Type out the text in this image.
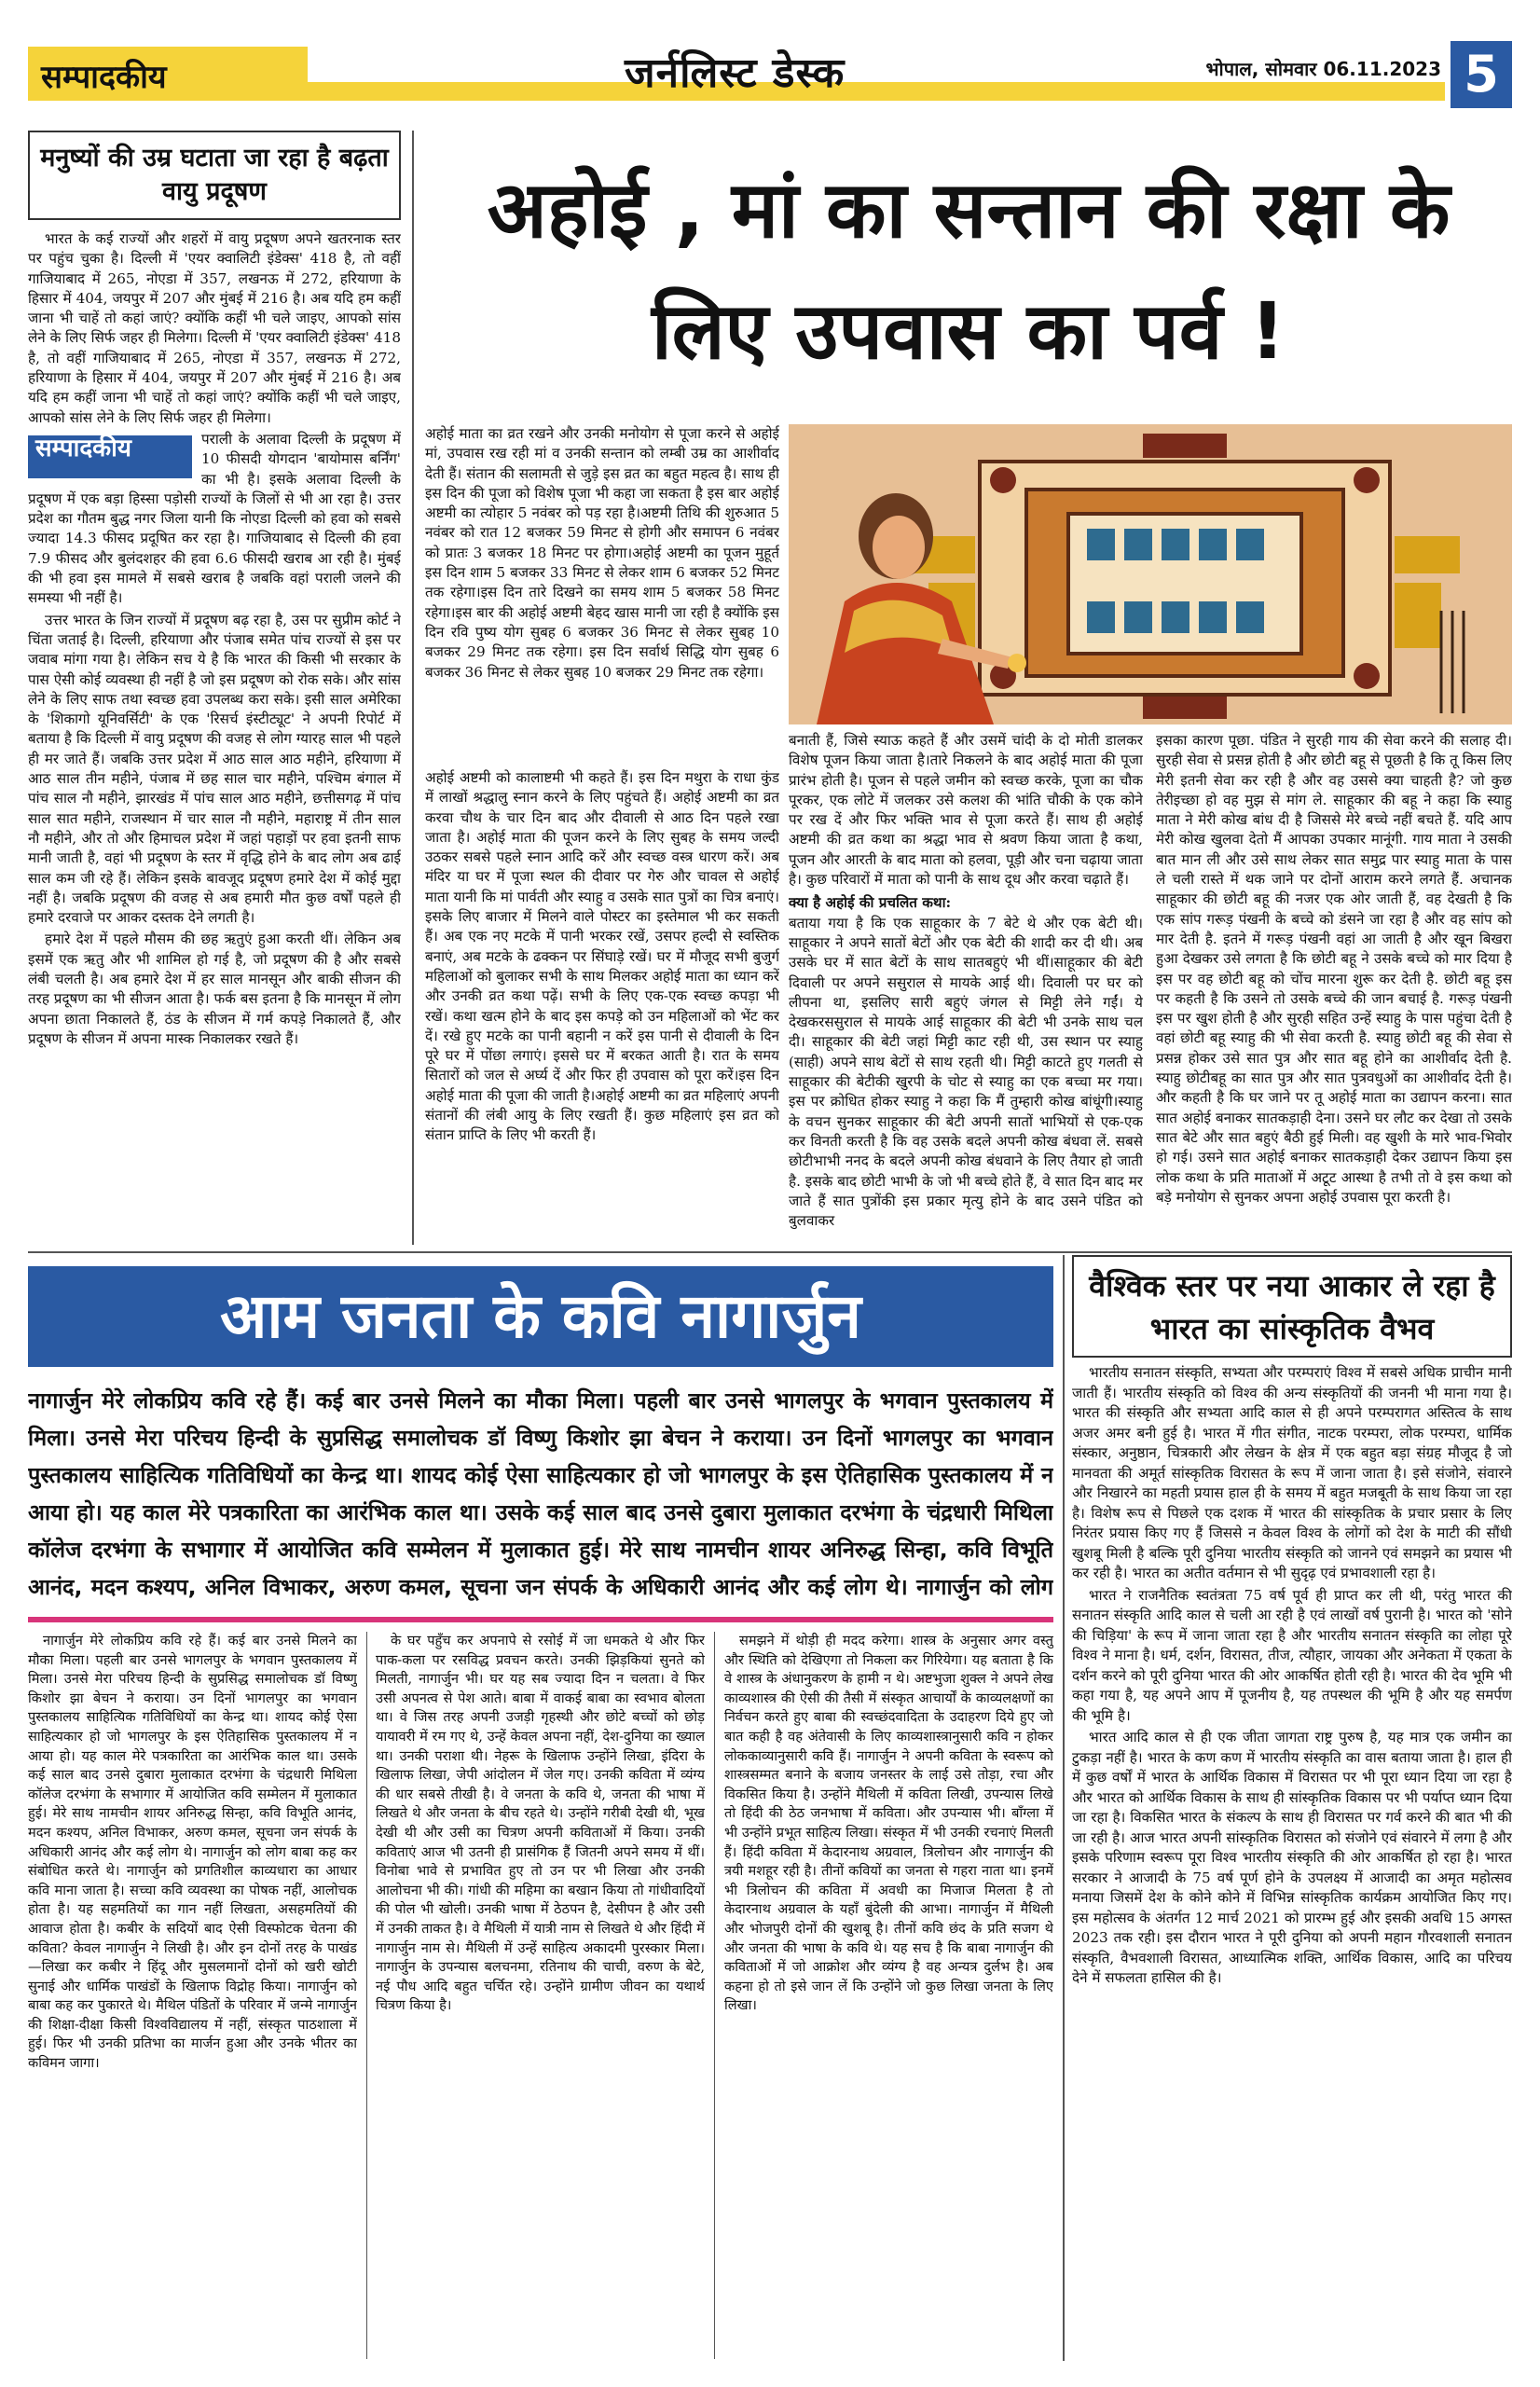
सम्पादकीय	जर्नलिस्ट डेस्क	भोपाल, सोमवार 06.11.2023 5
मनुष्यों की उम्र घटाता जा रहा है बढ़ता वायु प्रदूषण

भारत के कई राज्यों और शहरों में वायु प्रदूषण अपने खतरनाक स्तर पर पहुंच चुका है। दिल्ली में 'एयर क्वालिटी इंडेक्स' 418 है, तो वहीं गाजियाबाद में 265, नोएडा में 357, लखनऊ में 272, हरियाणा के हिसार में 404, जयपुर में 207 और मुंबई में 216 है। अब यदि हम कहीं जाना भी चाहें तो कहां जाएं? क्योंकि कहीं भी चले जाइए, आपको सांस लेने के लिए सिर्फ जहर ही मिलेगा। दिल्ली में 'एयर क्वालिटी इंडेक्स' 418 है, तो वहीं गाजियाबाद में 265, नोएडा में 357, लखनऊ में 272, हरियाणा के हिसार में 404, जयपुर में 207 और मुंबई में 216 है। अब यदि हम कहीं जाना भी चाहें तो कहां जाएं? क्योंकि कहीं भी चले जाइए, आपको सांस लेने के लिए सिर्फ जहर ही मिलेगा।

सम्पादकीय	पराली के अलावा दिल्ली के प्रदूषण में 10 फीसदी योगदान 'बायोमास बर्निंग' का भी है। इसके अलावा दिल्ली के प्रदूषण में एक बड़ा हिस्सा पड़ोसी राज्यों के जिलों से भी आ रहा है। उत्तर प्रदेश का गौतम बुद्ध नगर जिला यानी कि नोएडा दिल्ली को हवा को सबसे ज्यादा 14.3 फीसद प्रदूषित कर रहा है। गाजियाबाद से दिल्ली की हवा 7.9 फीसद और बुलंदशहर की हवा 6.6 फीसदी खराब आ रही है। मुंबई की भी हवा इस मामले में सबसे खराब है जबकि वहां पराली जलने की समस्या भी नहीं है।

उत्तर भारत के जिन राज्यों में प्रदूषण बढ़ रहा है, उस पर सुप्रीम कोर्ट ने चिंता जताई है। दिल्ली, हरियाणा और पंजाब समेत पांच राज्यों से इस पर जवाब मांगा गया है। लेकिन सच ये है कि भारत की किसी भी सरकार के पास ऐसी कोई व्यवस्था ही नहीं है जो इस प्रदूषण को रोक सके। और सांस लेने के लिए साफ तथा स्वच्छ हवा उपलब्ध करा सके। इसी साल अमेरिका के 'शिकागो यूनिवर्सिटी' के एक 'रिसर्च इंस्टीट्यूट' ने अपनी रिपोर्ट में बताया है कि दिल्ली में वायु प्रदूषण की वजह से लोग ग्यारह साल भी पहले ही मर जाते हैं। जबकि उत्तर प्रदेश में आठ साल आठ महीने, हरियाणा में आठ साल तीन महीने, पंजाब में छह साल चार महीने, पश्चिम बंगाल में पांच साल नौ महीने, झारखंड में पांच साल आठ महीने, छत्तीसगढ़ में पांच साल सात महीने, राजस्थान में चार साल नौ महीने, महाराष्ट्र में तीन साल नौ महीने, और तो और हिमाचल प्रदेश में जहां पहाड़ों पर हवा इतनी साफ मानी जाती है, वहां भी प्रदूषण के स्तर में वृद्धि होने के बाद लोग अब ढाई साल कम जी रहे हैं। लेकिन इसके बावजूद प्रदूषण हमारे देश में कोई मुद्दा नहीं है। जबकि प्रदूषण की वजह से अब हमारी मौत कुछ वर्षों पहले ही हमारे दरवाजे पर आकर दस्तक देने लगती है।

हमारे देश में पहले मौसम की छह ऋतुएं हुआ करती थीं। लेकिन अब इसमें एक ऋतु और भी शामिल हो गई है, जो प्रदूषण की है और सबसे लंबी चलती है। अब हमारे देश में हर साल मानसून और बाकी सीजन की तरह प्रदूषण का भी सीजन आता है। फर्क बस इतना है कि मानसून में लोग अपना छाता निकालते हैं, ठंड के सीजन में गर्म कपड़े निकालते हैं, और प्रदूषण के सीजन में अपना मास्क निकालकर रखते हैं।

अहोई , मां का सन्तान की रक्षा के लिए उपवास का पर्व !
अहोई माता का व्रत रखने और उनकी मनोयोग से पूजा करने से अहोई मां, उपवास रख रही मां व उनकी सन्तान को लम्बी उम्र का आशीर्वाद देती हैं। संतान की सलामती से जुड़े इस व्रत का बहुत महत्व है। साथ ही इस दिन की पूजा को विशेष पूजा भी कहा जा सकता है इस बार अहोई अष्टमी का त्योहार 5 नवंबर को पड़ रहा है।अष्टमी तिथि की शुरुआत 5 नवंबर को रात 12 बजकर 59 मिनट से होगी और समापन 6 नवंबर को प्रातः 3 बजकर 18 मिनट पर होगा।अहोई अष्टमी का पूजन मुहूर्त इस दिन शाम 5 बजकर 33 मिनट से लेकर शाम 6 बजकर 52 मिनट तक रहेगा।इस दिन तारे दिखने का समय शाम 5 बजकर 58 मिनट रहेगा।इस बार की अहोई अष्टमी बेहद खास मानी जा रही है क्योंकि इस दिन रवि पुष्य योग सुबह 6 बजकर 36 मिनट से लेकर सुबह 10 बजकर 29 मिनट तक रहेगा। इस दिन सर्वार्थ सिद्धि योग सुबह 6 बजकर 36 मिनट से लेकर सुबह 10 बजकर 29 मिनट तक रहेगा।
अहोई अष्टमी को कालाष्टमी भी कहते हैं। इस दिन मथुरा के राधा कुंड में लाखों श्रद्धालु स्नान करने के लिए पहुंचते हैं। अहोई अष्टमी का व्रत करवा चौथ के चार दिन बाद और दीवाली से आठ दिन पहले रखा जाता है। अहोई माता की पूजन करने के लिए सुबह के समय जल्दी उठकर सबसे पहले स्नान आदि करें और स्वच्छ वस्त्र धारण करें। अब मंदिर या घर में पूजा स्थल की दीवार पर गेरु और चावल से अहोई माता यानी कि मां पार्वती और स्याहु व उसके सात पुत्रों का चित्र बनाएं।इसके लिए बाजार में मिलने वाले पोस्टर का इस्तेमाल भी कर सकती हैं। अब एक नए मटके में पानी भरकर रखें, उसपर हल्दी से स्वस्तिक बनाएं, अब मटके के ढक्कन पर सिंघाड़े रखें। घर में मौजूद सभी बुजुर्ग महिलाओं को बुलाकर सभी के साथ मिलकर अहोई माता का ध्यान करें और उनकी व्रत कथा पढ़ें। सभी के लिए एक-एक स्वच्छ कपड़ा भी रखें। कथा खत्म होने के बाद इस कपड़े को उन महिलाओं को भेंट कर दें। रखे हुए मटके का पानी बहानी न करें इस पानी से दीवाली के दिन पूरे घर में पोंछा लगाएं। इससे घर में बरकत आती है। रात के समय सितारों को जल से अर्घ्य दें और फिर ही उपवास को पूरा करें।इस दिन अहोई माता की पूजा की जाती है।अहोई अष्टमी का व्रत महिलाएं अपनी संतानों की लंबी आयु के लिए रखती हैं। कुछ महिलाएं इस व्रत को संतान प्राप्ति के लिए भी करती हैं।
बनाती हैं, जिसे स्याऊ कहते हैं और उसमें चांदी के दो मोती डालकर विशेष पूजन किया जाता है।तारे निकलने के बाद अहोई माता की पूजा प्रारंभ होती है। पूजन से पहले जमीन को स्वच्छ करके, पूजा का चौक पूरकर, एक लोटे में जलकर उसे कलश की भांति चौकी के एक कोने पर रख दें और फिर भक्ति भाव से पूजा करते हैं। साथ ही अहोई अष्टमी की व्रत कथा का श्रद्धा भाव से श्रवण किया जाता है कथा, पूजन और आरती के बाद माता को हलवा, पूड़ी और चना चढ़ाया जाता है। कुछ परिवारों में माता को पानी के साथ दूध और करवा चढ़ाते हैं।
क्या है अहोई की प्रचलित कथा:
बताया गया है कि एक साहूकार के 7 बेटे थे और एक बेटी थी। साहूकार ने अपने सातों बेटों और एक बेटी की शादी कर दी थी। अब उसके घर में सात बेटों के साथ सातबहुएं भी थीं।साहूकार की बेटी दिवाली पर अपने ससुराल से मायके आई थी। दिवाली पर घर को लीपना था, इसलिए सारी बहुएं जंगल से मिट्टी लेने गईं। ये देखकरससुराल से मायके आई साहूकार की बेटी भी उनके साथ चल दी। साहूकार की बेटी जहां मिट्टी काट रही थी, उस स्थान पर स्याहु (साही) अपने साथ बेटों से साथ रहती थी। मिट्टी काटते हुए गलती से साहूकार की बेटीकी खुरपी के चोट से स्याहु का एक बच्चा मर गया। इस पर क्रोधित होकर स्याहु ने कहा कि मैं तुम्हारी कोख बांधूंगी।स्याहु के वचन सुनकर साहूकार की बेटी अपनी सातों भाभियों से एक-एक कर विनती करती है कि वह उसके बदले अपनी कोख बंधवा लें. सबसे छोटीभाभी ननद के बदले अपनी कोख बंधवाने के लिए तैयार हो जाती है. इसके बाद छोटी भाभी के जो भी बच्चे होते हैं, वे सात दिन बाद मर जाते हैं सात पुत्रोंकी इस प्रकार मृत्यु होने के बाद उसने पंडित को बुलवाकर
इसका कारण पूछा. पंडित ने सुरही गाय की सेवा करने की सलाह दी।सुरही सेवा से प्रसन्न होती है और छोटी बहू से पूछती है कि तू किस लिए मेरी इतनी सेवा कर रही है और वह उससे क्या चाहती है? जो कुछ तेरीइच्छा हो वह मुझ से मांग ले. साहूकार की बहू ने कहा कि स्याहु माता ने मेरी कोख बांध दी है जिससे मेरे बच्चे नहीं बचते हैं. यदि आप मेरी कोख खुलवा देतो मैं आपका उपकार मानूंगी. गाय माता ने उसकी बात मान ली और उसे साथ लेकर सात समुद्र पार स्याहु माता के पास ले चली रास्ते में थक जाने पर दोनों आराम करने लगते हैं. अचानक साहूकार की छोटी बहू की नजर एक ओर जाती हैं, वह देखती है कि एक सांप गरूड़ पंखनी के बच्चे को डंसने जा रहा है और वह सांप को मार देती है. इतने में गरूड़ पंखनी वहां आ जाती है और खून बिखरा हुआ देखकर उसे लगता है कि छोटी बहू ने उसके बच्चे को मार दिया है इस पर वह छोटी बहू को चोंच मारना शुरू कर देती है. छोटी बहू इस पर कहती है कि उसने तो उसके बच्चे की जान बचाई है. गरूड़ पंखनी इस पर खुश होती है और सुरही सहित उन्हें स्याहु के पास पहुंचा देती है वहां छोटी बहू स्याहु की भी सेवा करती है. स्याहु छोटी बहू की सेवा से प्रसन्न होकर उसे सात पुत्र और सात बहू होने का आशीर्वाद देती है. स्याहु छोटीबहू का सात पुत्र और सात पुत्रवधुओं का आशीर्वाद देती है। और कहती है कि घर जाने पर तू अहोई माता का उद्यापन करना। सात सात अहोई बनाकर सातकड़ाही देना। उसने घर लौट कर देखा तो उसके सात बेटे और सात बहुएं बैठी हुई मिली। वह खुशी के मारे भाव-भिवोर हो गई। उसने सात अहोई बनाकर सातकड़ाही देकर उद्यापन किया इस लोक कथा के प्रति माताओं में अटूट आस्था है तभी तो वे इस कथा को बड़े मनोयोग से सुनकर अपना अहोई उपवास पूरा करती है।
आम जनता के कवि नागार्जुन
नागार्जुन मेरे लोकप्रिय कवि रहे हैं। कई बार उनसे मिलने का मौका मिला। पहली बार उनसे भागलपुर के भगवान पुस्तकालय में मिला। उनसे मेरा परिचय हिन्दी के सुप्रसिद्ध समालोचक डॉ विष्णु किशोर झा बेचन ने कराया। उन दिनों भागलपुर का भगवान पुस्तकालय साहित्यिक गतिविधियों का केन्द्र था। शायद कोई ऐसा साहित्यकार हो जो भागलपुर के इस ऐतिहासिक पुस्तकालय में न आया हो। यह काल मेरे पत्रकारिता का आरंभिक काल था। उसके कई साल बाद उनसे दुबारा मुलाकात दरभंगा के चंद्रधारी मिथिला कॉलेज दरभंगा के सभागार में आयोजित कवि सम्मेलन में मुलाकात हुई। मेरे साथ नामचीन शायर अनिरुद्ध सिन्हा, कवि विभूति आनंद, मदन कश्यप, अनिल विभाकर, अरुण कमल, सूचना जन संपर्क के अधिकारी आनंद और कई लोग थे। नागार्जुन को लोग

नागार्जुन मेरे लोकप्रिय कवि रहे हैं। कई बार उनसे मिलने का मौका मिला। पहली बार उनसे भागलपुर के भगवान पुस्तकालय में मिला। उनसे मेरा परिचय हिन्दी के सुप्रसिद्ध समालोचक डॉ विष्णु किशोर झा बेचन ने कराया। उन दिनों भागलपुर का भगवान पुस्तकालय साहित्यिक गतिविधियों का केन्द्र था। शायद कोई ऐसा साहित्यकार हो जो भागलपुर के इस ऐतिहासिक पुस्तकालय में न आया हो। यह काल मेरे पत्रकारिता का आरंभिक काल था। उसके कई साल बाद उनसे दुबारा मुलाकात दरभंगा के चंद्रधारी मिथिला कॉलेज दरभंगा के सभागार में आयोजित कवि सम्मेलन में मुलाकात हुई। मेरे साथ नामचीन शायर अनिरुद्ध सिन्हा, कवि विभूति आनंद, मदन कश्यप, अनिल विभाकर, अरुण कमल, सूचना जन संपर्क के अधिकारी आनंद और कई लोग थे। नागार्जुन को लोग बाबा कह कर संबोधित करते थे। नागार्जुन को प्रगतिशील काव्यधारा का आधार कवि माना जाता है। सच्चा कवि व्यवस्था का पोषक नहीं, आलोचक होता है। यह सहमतियों का गान नहीं लिखता, असहमतियों की आवाज होता है। कबीर के सदियों बाद ऐसी विस्फोटक चेतना की कविता? केवल नागार्जुन ने लिखी है। और इन दोनों तरह के पाखंड—लिखा कर कबीर ने हिंदू और मुसलमानों दोनों को खरी खोटी सुनाई और धार्मिक पाखंडों के खिलाफ विद्रोह किया। नागार्जुन को बाबा कह कर पुकारते थे। मैथिल पंडितों के परिवार में जन्मे नागार्जुन की शिक्षा-दीक्षा किसी विश्वविद्यालय में नहीं, संस्कृत पाठशाला में हुई। फिर भी उनकी प्रतिभा का मार्जन हुआ और उनके भीतर का कविमन जागा।

के घर पहुँच कर अपनापे से रसोई में जा धमकते थे और फिर पाक-कला पर रसविद्ध प्रवचन करते। उनकी झिड़कियां सुनते को मिलती, नागार्जुन भी। घर यह सब ज्यादा दिन न चलता। वे फिर उसी अपनत्व से पेश आते। बाबा में वाकई बाबा का स्वभाव बोलता था। वे जिस तरह अपनी उजड़ी गृहस्थी और छोटे बच्चों को छोड़ यायावरी में रम गए थे, उन्हें केवल अपना नहीं, देश-दुनिया का ख्याल था। उनकी पराशा थी। नेहरू के खिलाफ उन्होंने लिखा, इंदिरा के खिलाफ लिखा, जेपी आंदोलन में जेल गए। उनकी कविता में व्यंग्य की धार सबसे तीखी है। वे जनता के कवि थे, जनता की भाषा में लिखते थे और जनता के बीच रहते थे। उन्होंने गरीबी देखी थी, भूख देखी थी और उसी का चित्रण अपनी कविताओं में किया। उनकी कविताएं आज भी उतनी ही प्रासंगिक हैं जितनी अपने समय में थीं। विनोबा भावे से प्रभावित हुए तो उन पर भी लिखा और उनकी आलोचना भी की। गांधी की महिमा का बखान किया तो गांधीवादियों की पोल भी खोली। उनकी भाषा में ठेठपन है, देसीपन है और उसी में उनकी ताकत है। वे मैथिली में यात्री नाम से लिखते थे और हिंदी में नागार्जुन नाम से। मैथिली में उन्हें साहित्य अकादमी पुरस्कार मिला। नागार्जुन के उपन्यास बलचनमा, रतिनाथ की चाची, वरुण के बेटे, नई पौध आदि बहुत चर्चित रहे। उन्होंने ग्रामीण जीवन का यथार्थ चित्रण किया है।

समझने में थोड़ी ही मदद करेगा। शास्त्र के अनुसार अगर वस्तु और स्थिति को देखिएगा तो निकला कर गिरियेगा। यह बताता है कि वे शास्त्र के अंधानुकरण के हामी न थे। अष्टभुजा शुक्ल ने अपने लेख काव्यशास्त्र की ऐसी की तैसी में संस्कृत आचार्यों के काव्यलक्षणों का निर्वचन करते हुए बाबा की स्वच्छंदवादिता के उदाहरण दिये हुए जो बात कही है वह अंतेवासी के लिए काव्यशास्त्रानुसारी कवि न होकर लोककाव्यानुसारी कवि हैं। नागार्जुन ने अपनी कविता के स्वरूप को शास्त्रसम्मत बनाने के बजाय जनस्तर के लाई उसे तोड़ा, रचा और विकसित किया है। उन्होंने मैथिली में कविता लिखी, उपन्यास लिखे तो हिंदी की ठेठ जनभाषा में कविता। और उपन्यास भी। बाँग्ला में भी उन्होंने प्रभूत साहित्य लिखा। संस्कृत में भी उनकी रचनाएं मिलती हैं। हिंदी कविता में केदारनाथ अग्रवाल, त्रिलोचन और नागार्जुन की त्रयी मशहूर रही है। तीनों कवियों का जनता से गहरा नाता था। इनमें भी त्रिलोचन की कविता में अवधी का मिजाज मिलता है तो केदारनाथ अग्रवाल के यहाँ बुंदेली की आभा। नागार्जुन में मैथिली और भोजपुरी दोनों की खुशबू है। तीनों कवि छंद के प्रति सजग थे और जनता की भाषा के कवि थे। यह सच है कि बाबा नागार्जुन की कविताओं में जो आक्रोश और व्यंग्य है वह अन्यत्र दुर्लभ है। अब कहना हो तो इसे जान लें कि उन्होंने जो कुछ लिखा जनता के लिए लिखा।

वैश्विक स्तर पर नया आकार ले रहा है भारत का सांस्कृतिक वैभव

भारतीय सनातन संस्कृति, सभ्यता और परम्पराएं विश्व में सबसे अधिक प्राचीन मानी जाती हैं। भारतीय संस्कृति को विश्व की अन्य संस्कृतियों की जननी भी माना गया है। भारत की संस्कृति और सभ्यता आदि काल से ही अपने परम्परागत अस्तित्व के साथ अजर अमर बनी हुई है। भारत में गीत संगीत, नाटक परम्परा, लोक परम्परा, धार्मिक संस्कार, अनुष्ठान, चित्रकारी और लेखन के क्षेत्र में एक बहुत बड़ा संग्रह मौजूद है जो मानवता की अमूर्त सांस्कृतिक विरासत के रूप में जाना जाता है। इसे संजोने, संवारने और निखारने का महती प्रयास हाल ही के समय में बहुत मजबूती के साथ किया जा रहा है। विशेष रूप से पिछले एक दशक में भारत की सांस्कृतिक के प्रचार प्रसार के लिए निरंतर प्रयास किए गए हैं जिससे न केवल विश्व के लोगों को देश के माटी की सौंधी खुशबू मिली है बल्कि पूरी दुनिया भारतीय संस्कृति को जानने एवं समझने का प्रयास भी कर रही है। भारत का अतीत वर्तमान से भी सुदृढ़ एवं प्रभावशाली रहा है।

भारत ने राजनैतिक स्वतंत्रता 75 वर्ष पूर्व ही प्राप्त कर ली थी, परंतु भारत की सनातन संस्कृति आदि काल से चली आ रही है एवं लाखों वर्ष पुरानी है। भारत को 'सोने की चिड़िया' के रूप में जाना जाता रहा है और भारतीय सनातन संस्कृति का लोहा पूरे विश्व ने माना है। धर्म, दर्शन, विरासत, तीज, त्यौहार, जायका और अनेकता में एकता के दर्शन करने को पूरी दुनिया भारत की ओर आकर्षित होती रही है। भारत की देव भूमि भी कहा गया है, यह अपने आप में पूजनीय है, यह तपस्थल की भूमि है और यह समर्पण की भूमि है।

भारत आदि काल से ही एक जीता जागता राष्ट्र पुरुष है, यह मात्र एक जमीन का टुकड़ा नहीं है। भारत के कण कण में भारतीय संस्कृति का वास बताया जाता है। हाल ही में कुछ वर्षों में भारत के आर्थिक विकास में विरासत पर भी पूरा ध्यान दिया जा रहा है और भारत को आर्थिक विकास के साथ ही सांस्कृतिक विकास पर भी पर्याप्त ध्यान दिया जा रहा है। विकसित भारत के संकल्प के साथ ही विरासत पर गर्व करने की बात भी की जा रही है। आज भारत अपनी सांस्कृतिक विरासत को संजोने एवं संवारने में लगा है और इसके परिणाम स्वरूप पूरा विश्व भारतीय संस्कृति की ओर आकर्षित हो रहा है। भारत सरकार ने आजादी के 75 वर्ष पूर्ण होने के उपलक्ष्य में आजादी का अमृत महोत्सव मनाया जिसमें देश के कोने कोने में विभिन्न सांस्कृतिक कार्यक्रम आयोजित किए गए। इस महोत्सव के अंतर्गत 12 मार्च 2021 को प्रारम्भ हुई और इसकी अवधि 15 अगस्त 2023 तक रही। इस दौरान भारत ने पूरी दुनिया को अपनी महान गौरवशाली सनातन संस्कृति, वैभवशाली विरासत, आध्यात्मिक शक्ति, आर्थिक विकास, आदि का परिचय देने में सफलता हासिल की है।
